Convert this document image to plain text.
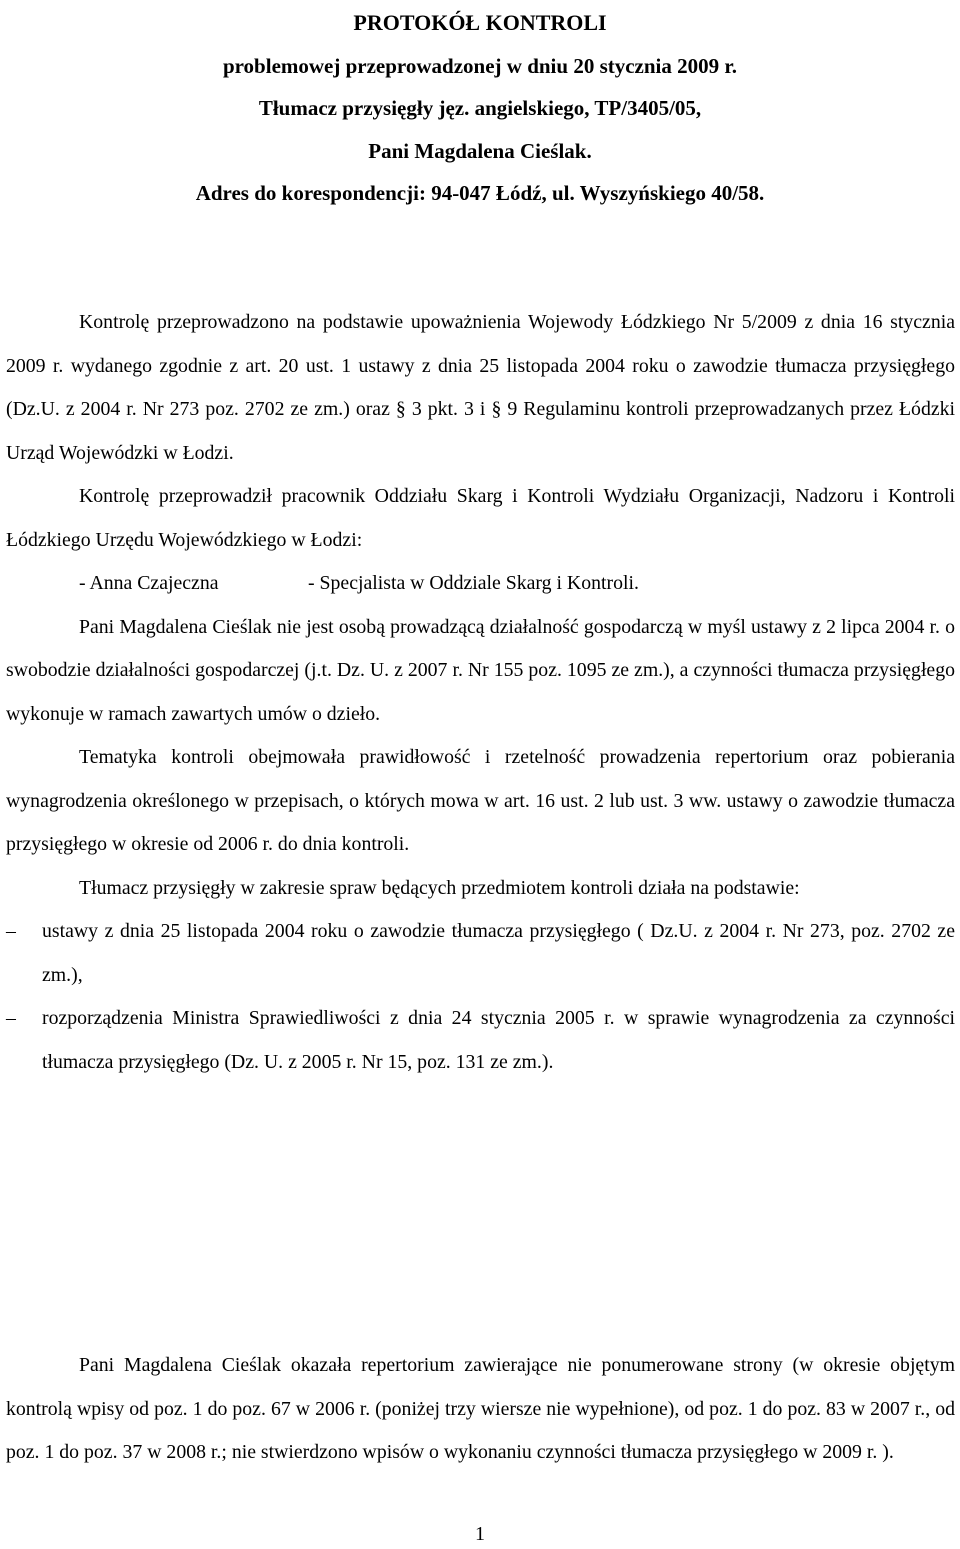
PROTOKÓŁ KONTROLI
problemowej przeprowadzonej w dniu 20 stycznia 2009 r.
Tłumacz przysięgły jęz. angielskiego, TP/3405/05,
Pani Magdalena Cieślak.
Adres do korespondencji: 94-047 Łódź, ul. Wyszyńskiego 40/58.

Kontrolę przeprowadzono na podstawie upoważnienia Wojewody Łódzkiego Nr 5/2009 z dnia 16 stycznia 2009 r. wydanego zgodnie z art. 20 ust. 1 ustawy z dnia 25 listopada 2004 roku o zawodzie tłumacza przysięgłego (Dz.U. z 2004 r. Nr 273 poz. 2702 ze zm.) oraz § 3 pkt. 3 i § 9 Regulaminu kontroli przeprowadzanych przez Łódzki Urząd Wojewódzki w Łodzi.

Kontrolę przeprowadził pracownik Oddziału Skarg i Kontroli Wydziału Organizacji, Nadzoru i Kontroli Łódzkiego Urzędu Wojewódzkiego w Łodzi:

- Anna Czajeczna	- Specjalista w Oddziale Skarg i Kontroli.

Pani Magdalena Cieślak nie jest osobą prowadzącą działalność gospodarczą w myśl ustawy z 2 lipca 2004 r. o swobodzie działalności gospodarczej (j.t. Dz. U. z 2007 r. Nr 155 poz. 1095 ze zm.), a czynności tłumacza przysięgłego wykonuje w ramach zawartych umów o dzieło.

Tematyka kontroli obejmowała prawidłowość i rzetelność prowadzenia repertorium oraz pobierania wynagrodzenia określonego w przepisach, o których mowa w art. 16 ust. 2 lub ust. 3 ww. ustawy o zawodzie tłumacza przysięgłego w okresie od 2006 r. do dnia kontroli.

Tłumacz przysięgły w zakresie spraw będących przedmiotem kontroli działa na podstawie:

– ustawy z dnia 25 listopada 2004 roku o zawodzie tłumacza przysięgłego ( Dz.U. z 2004 r. Nr 273, poz. 2702 ze zm.),
– rozporządzenia Ministra Sprawiedliwości z dnia 24 stycznia 2005 r. w sprawie wynagrodzenia za czynności tłumacza przysięgłego (Dz. U. z 2005 r. Nr 15, poz. 131 ze zm.).

Pani Magdalena Cieślak okazała repertorium zawierające nie ponumerowane strony (w okresie objętym kontrolą wpisy od poz. 1 do poz. 67 w 2006 r. (poniżej trzy wiersze nie wypełnione), od poz. 1 do poz. 83 w 2007 r., od poz. 1 do poz. 37 w 2008 r.; nie stwierdzono wpisów o wykonaniu czynności tłumacza przysięgłego w 2009 r. ).

1
